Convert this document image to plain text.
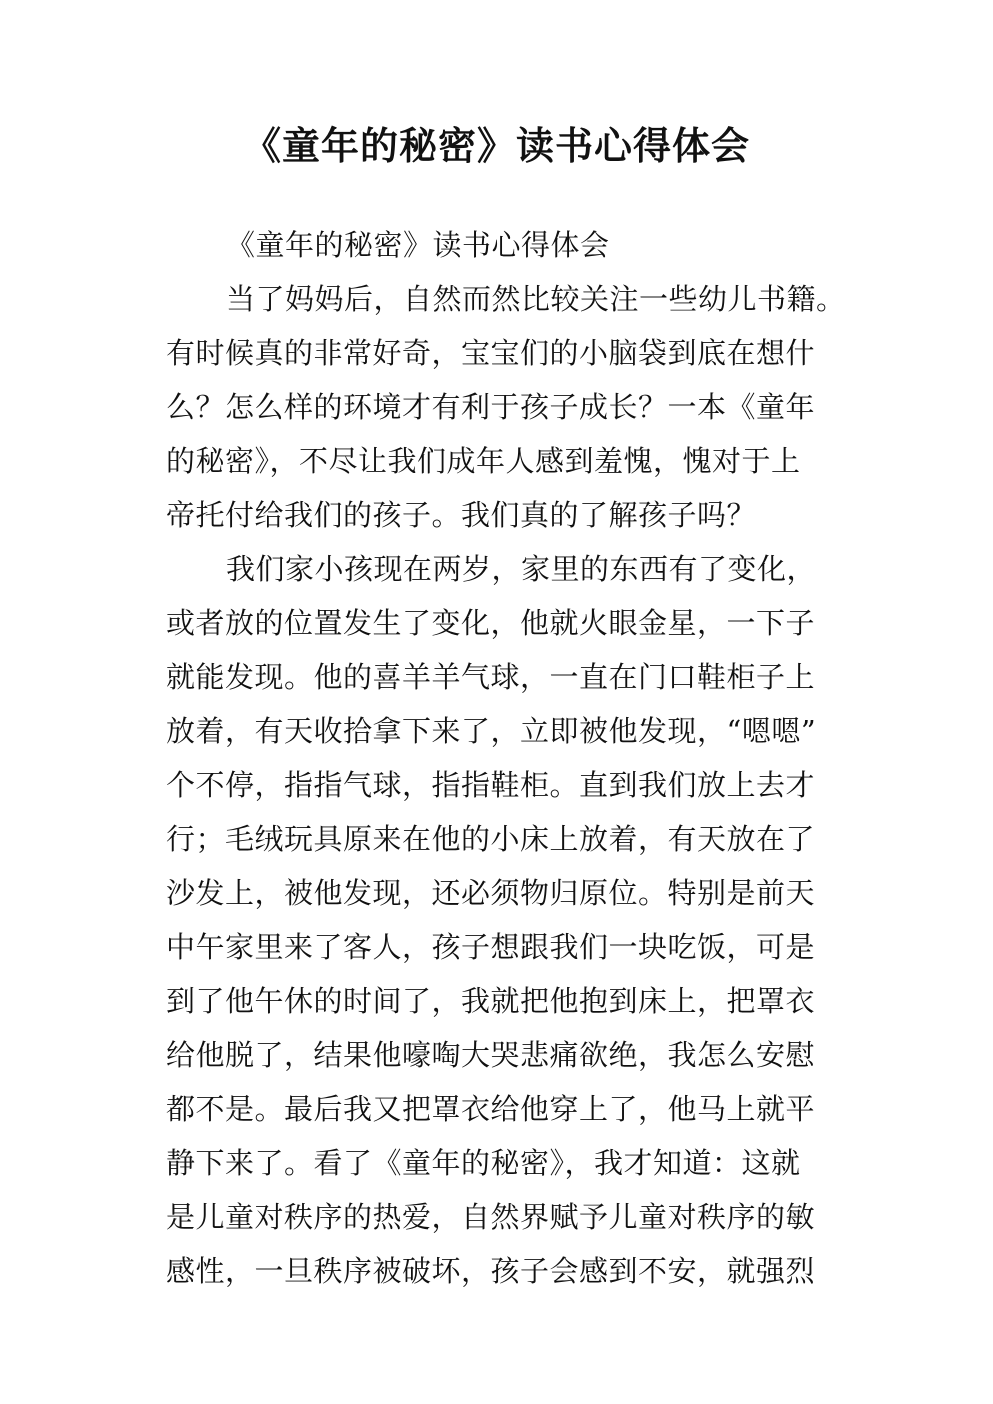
《童年的秘密》读书心得体会
《童年的秘密》读书心得体会
当了妈妈后，自然而然比较关注一些幼儿书籍。
有时候真的非常好奇，宝宝们的小脑袋到底在想什
么？怎么样的环境才有利于孩子成长？一本《童年
的秘密》，不尽让我们成年人感到羞愧，愧对于上
帝托付给我们的孩子。我们真的了解孩子吗？
我们家小孩现在两岁，家里的东西有了变化，
或者放的位置发生了变化，他就火眼金星，一下子
就能发现。他的喜羊羊气球，一直在门口鞋柜子上
放着，有天收拾拿下来了，立即被他发现，“嗯嗯”
个不停，指指气球，指指鞋柜。直到我们放上去才
行；毛绒玩具原来在他的小床上放着，有天放在了
沙发上，被他发现，还必须物归原位。特别是前天
中午家里来了客人，孩子想跟我们一块吃饭，可是
到了他午休的时间了，我就把他抱到床上，把罩衣
给他脱了，结果他嚎啕大哭悲痛欲绝，我怎么安慰
都不是。最后我又把罩衣给他穿上了，他马上就平
静下来了。看了《童年的秘密》，我才知道：这就
是儿童对秩序的热爱，自然界赋予儿童对秩序的敏
感性，一旦秩序被破坏，孩子会感到不安，就强烈
